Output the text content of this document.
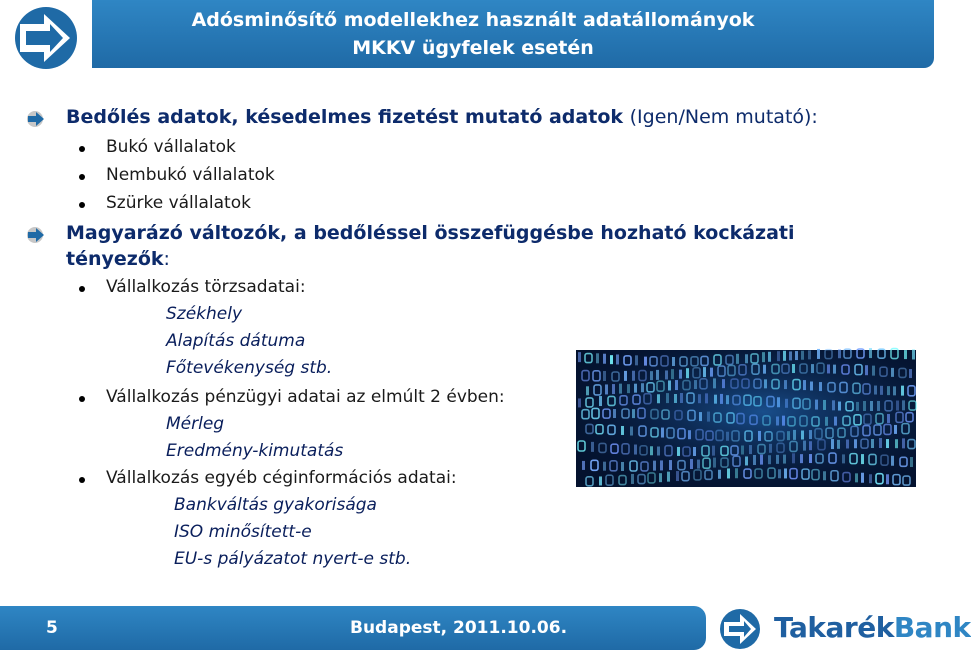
Adósminősítő modellekhez használt adatállományok
MKKV ügyfelek esetén
Bedőlés adatok, késedelmes fizetést mutató adatok (Igen/Nem mutató):
Bukó vállalatok
Nembukó vállalatok
Szürke vállalatok
Magyarázó változók, a bedőléssel összefüggésbe hozható kockázati
tényezők:
Vállalkozás törzsadatai:
Székhely
Alapítás dátuma
Főtevékenység stb.
Vállalkozás pénzügyi adatai az elmúlt 2 évben:
Mérleg
Eredmény-kimutatás
Vállalkozás egyéb céginformációs adatai:
Bankváltás gyakorisága
ISO minősített-e
EU-s pályázatot nyert-e stb.
5	Budapest, 2011.10.06.	TakarékBank
